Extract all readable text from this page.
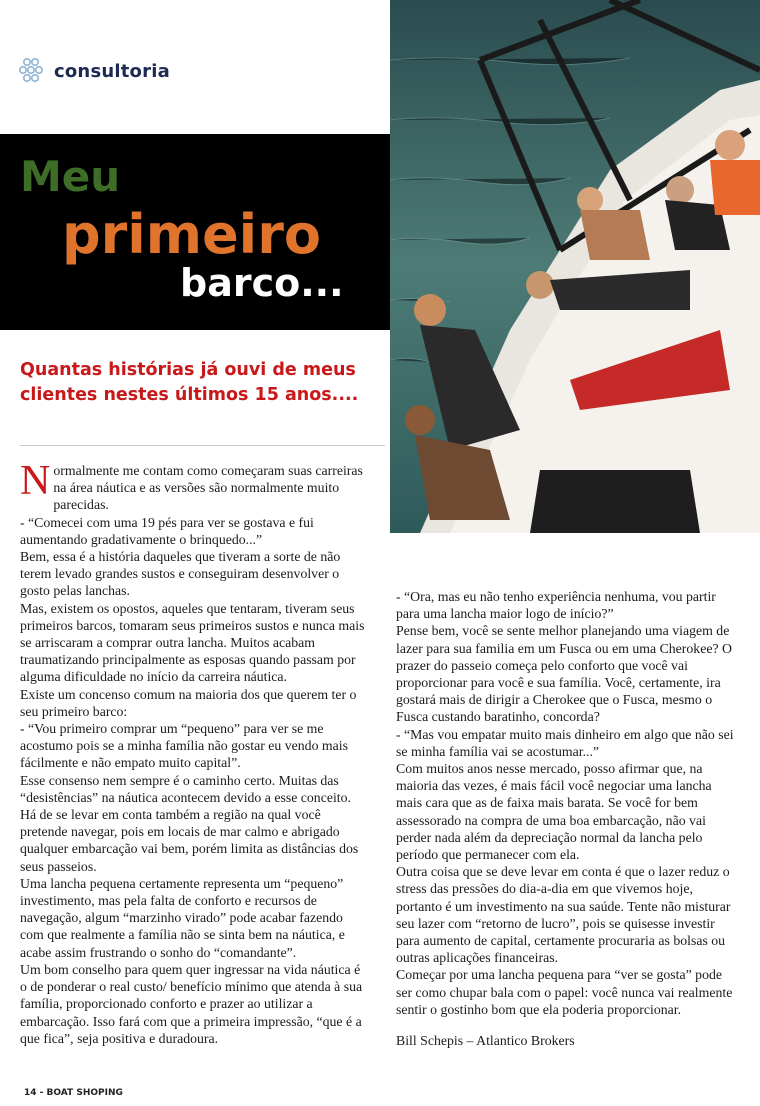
consultoria
Meu
primeiro
barco...
Quantas histórias já ouvi de meus clientes nestes últimos 15 anos....

Normalmente me contam como começaram suas carreiras na área náutica e as versões são normalmente muito parecidas.

- “Comecei com uma 19 pés para ver se gostava e fui aumentando gradativamente o brinquedo...”

Bem, essa é a história daqueles que tiveram a sorte de não terem levado grandes sustos e conseguiram desenvolver o gosto pelas lanchas.

Mas, existem os opostos, aqueles que tentaram, tiveram seus primeiros barcos, tomaram seus primeiros sustos e nunca mais se arriscaram a comprar outra lancha. Muitos acabam traumatizando principalmente as esposas quando passam por alguma dificuldade no início da carreira náutica.

Existe um concenso comum na maioria dos que querem ter o seu primeiro barco:

- “Vou primeiro comprar um “pequeno” para ver se me acostumo pois se a minha família não gostar eu vendo mais fácilmente e não empato muito capital”.

Esse consenso nem sempre é o caminho certo. Muitas das “desistências” na náutica acontecem devido a esse conceito.

Há de se levar em conta também a região na qual você pretende navegar, pois em locais de mar calmo e abrigado qualquer embarcação vai bem, porém limita as distâncias dos seus passeios.

Uma lancha pequena certamente representa um “pequeno” investimento, mas pela falta de conforto e recursos de navegação, algum “marzinho virado” pode acabar fazendo com que realmente a família não se sinta bem na náutica, e acabe assim frustrando o sonho do “comandante”.

Um bom conselho para quem quer ingressar na vida náutica é o de ponderar o real custo/ benefício mínimo que atenda à sua família, proporcionado conforto e prazer ao utilizar a embarcação. Isso fará com que a primeira impressão, “que é a que fica”, seja positiva e duradoura.

- “Ora, mas eu não tenho experiência nenhuma, vou partir para uma lancha maior logo de início?”

Pense bem, você se sente melhor planejando uma viagem de lazer para sua familia em um Fusca ou em uma Cherokee? O prazer do passeio começa pelo conforto que você vai proporcionar para você e sua família. Você, certamente, ira gostará mais de dirigir a Cherokee que o Fusca, mesmo o Fusca custando baratinho, concorda?

- “Mas vou empatar muito mais dinheiro em algo que não sei se minha família vai se acostumar...”

Com muitos anos nesse mercado, posso afirmar que, na maioria das vezes, é mais fácil você negociar uma lancha mais cara que as de faixa mais barata. Se você for bem assessorado na compra de uma boa embarcação, não vai perder nada além da depreciação normal da lancha pelo período que permanecer com ela.

Outra coisa que se deve levar em conta é que o lazer reduz o stress das pressões do dia-a-dia em que vivemos hoje, portanto é um investimento na sua saúde. Tente não misturar seu lazer com “retorno de lucro”, pois se quisesse investir para aumento de capital, certamente procuraria as bolsas ou outras aplicações financeiras.

Começar por uma lancha pequena para “ver se gosta” pode ser como chupar bala com o papel: você nunca vai realmente sentir o gostinho bom que ela poderia proporcionar.

Bill Schepis – Atlantico Brokers

14 - BOAT SHOPING
